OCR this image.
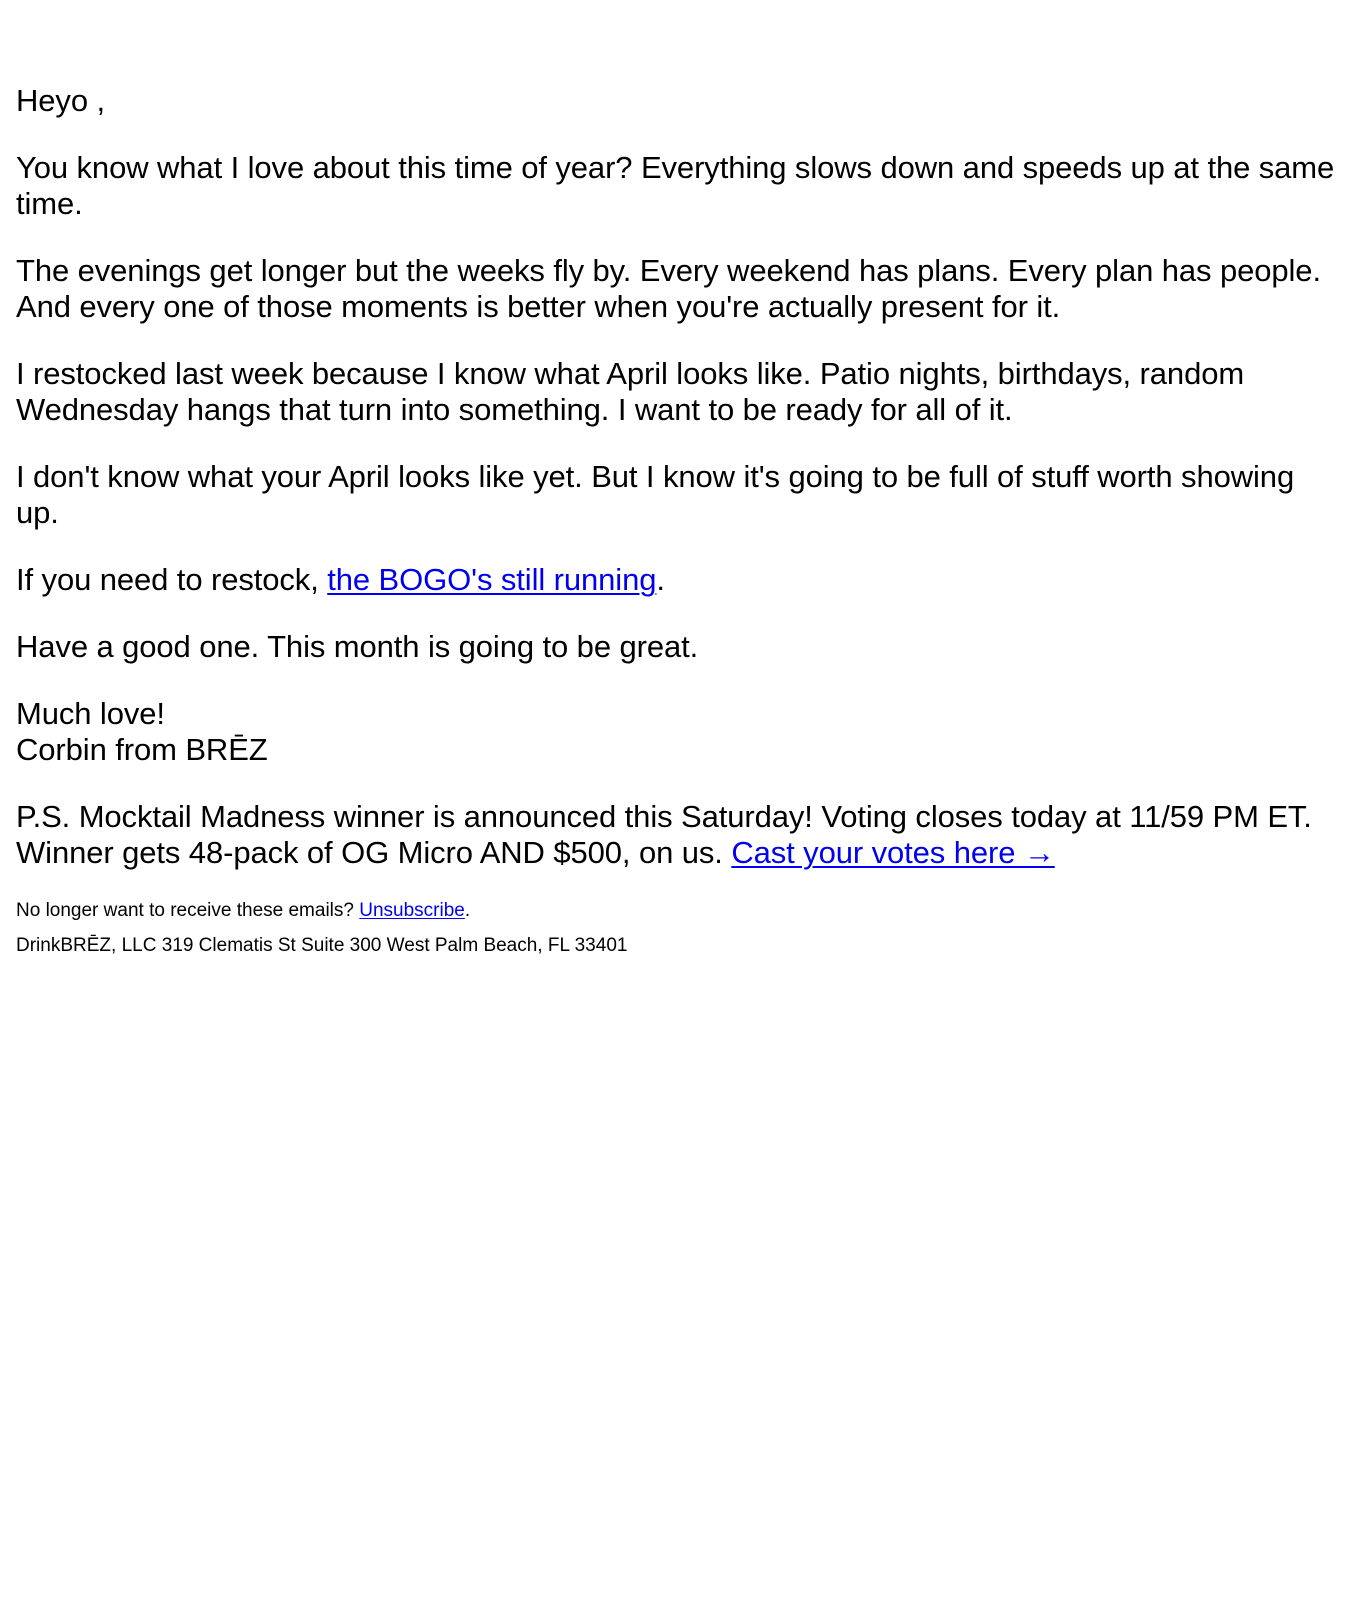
Heyo ,

You know what I love about this time of year? Everything slows down and speeds up at the same time.

The evenings get longer but the weeks fly by. Every weekend has plans. Every plan has people. And every one of those moments is better when you're actually present for it.

I restocked last week because I know what April looks like. Patio nights, birthdays, random Wednesday hangs that turn into something. I want to be ready for all of it.

I don't know what your April looks like yet. But I know it's going to be full of stuff worth showing up.

If you need to restock, the BOGO's still running.

Have a good one. This month is going to be great.

Much love!
Corbin from BRĒZ

P.S. Mocktail Madness winner is announced this Saturday! Voting closes today at 11/59 PM ET. Winner gets 48-pack of OG Micro AND $500, on us. Cast your votes here →

No longer want to receive these emails? Unsubscribe.

DrinkBRĒZ, LLC 319 Clematis St Suite 300 West Palm Beach, FL 33401
